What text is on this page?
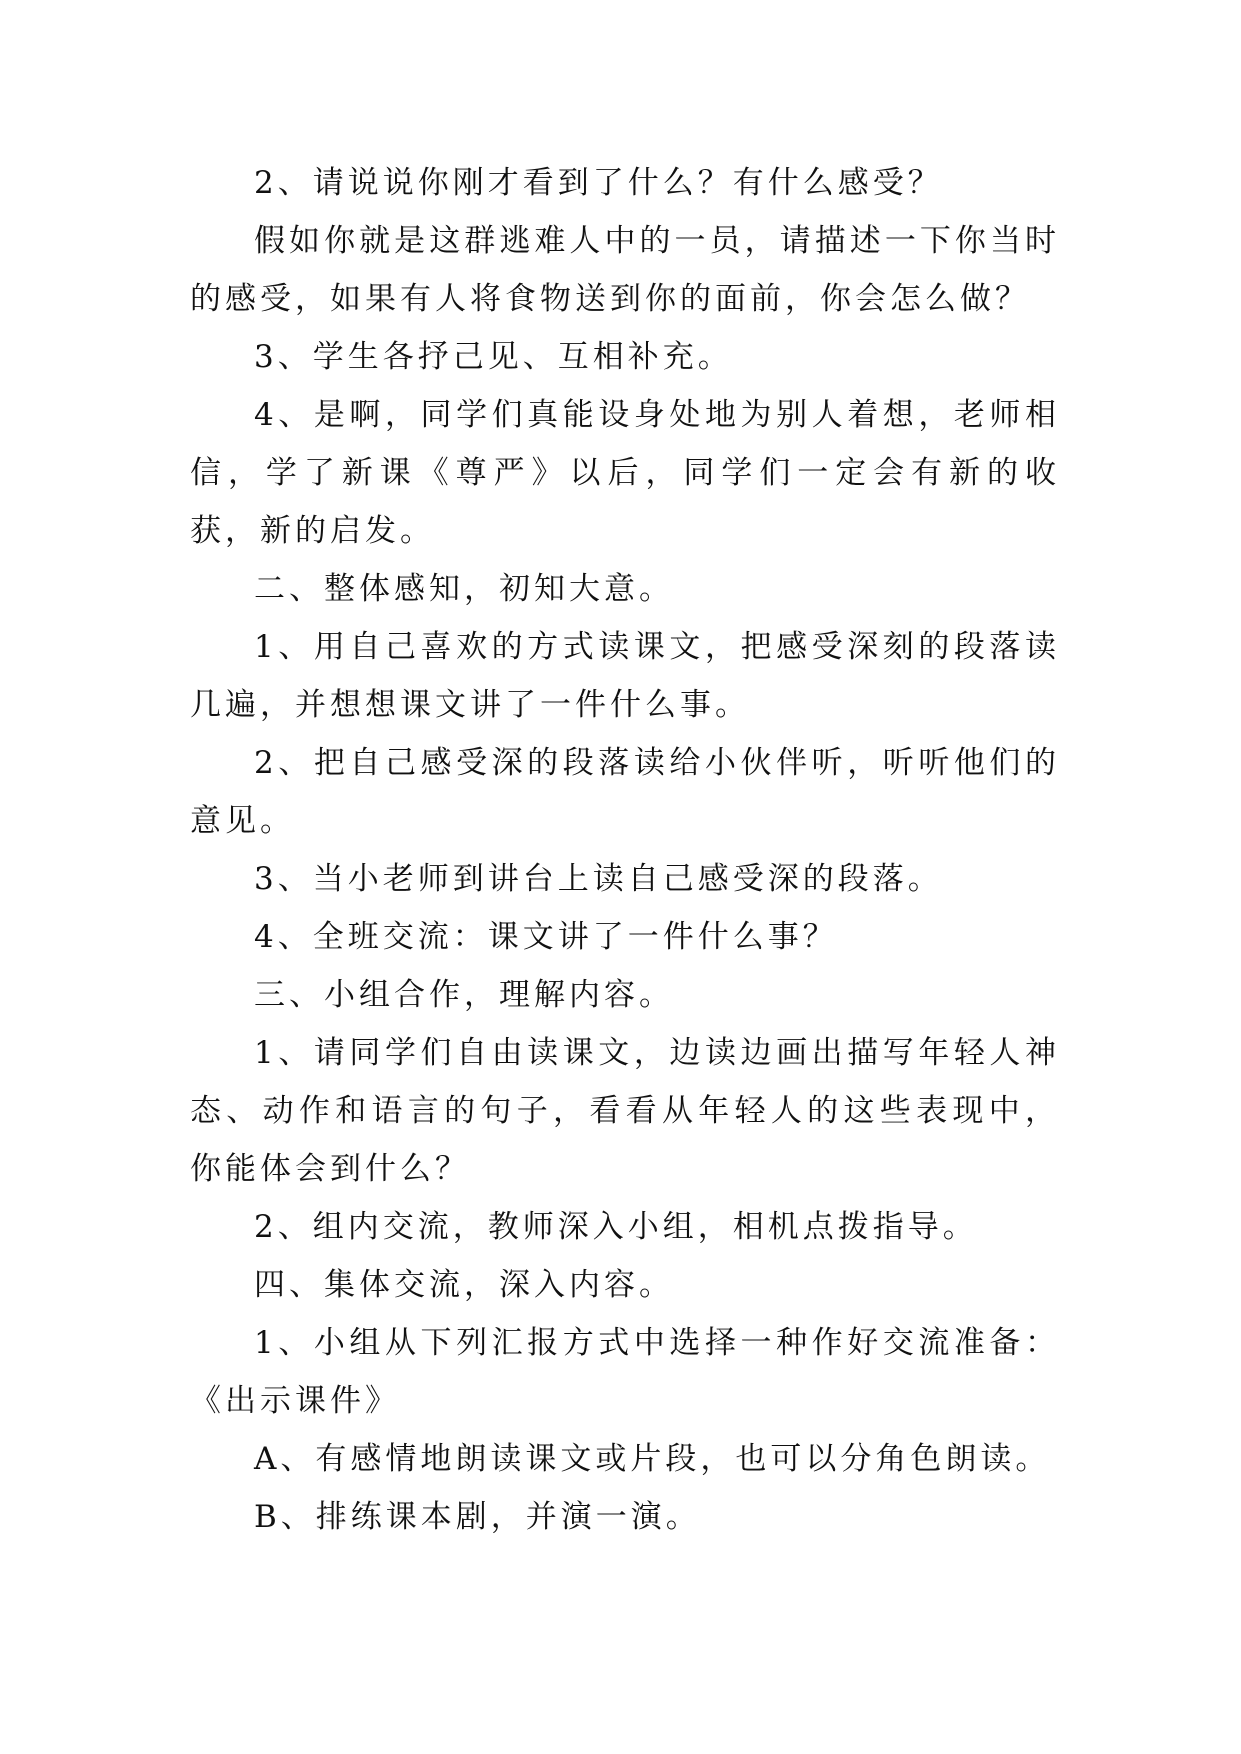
2、请说说你刚才看到了什么？有什么感受？

假如你就是这群逃难人中的一员，请描述一下你当时的感受，如果有人将食物送到你的面前，你会怎么做？

3、学生各抒己见、互相补充。

4、是啊，同学们真能设身处地为别人着想，老师相信，学了新课《尊严》以后，同学们一定会有新的收获，新的启发。

二、整体感知，初知大意。

1、用自己喜欢的方式读课文，把感受深刻的段落读几遍，并想想课文讲了一件什么事。

2、把自己感受深的段落读给小伙伴听，听听他们的意见。

3、当小老师到讲台上读自己感受深的段落。

4、全班交流：课文讲了一件什么事？

三、小组合作，理解内容。

1、请同学们自由读课文，边读边画出描写年轻人神态、动作和语言的句子，看看从年轻人的这些表现中，你能体会到什么？

2、组内交流，教师深入小组，相机点拨指导。

四、集体交流，深入内容。

1、小组从下列汇报方式中选择一种作好交流准备：《出示课件》

A、有感情地朗读课文或片段，也可以分角色朗读。

B、排练课本剧，并演一演。
